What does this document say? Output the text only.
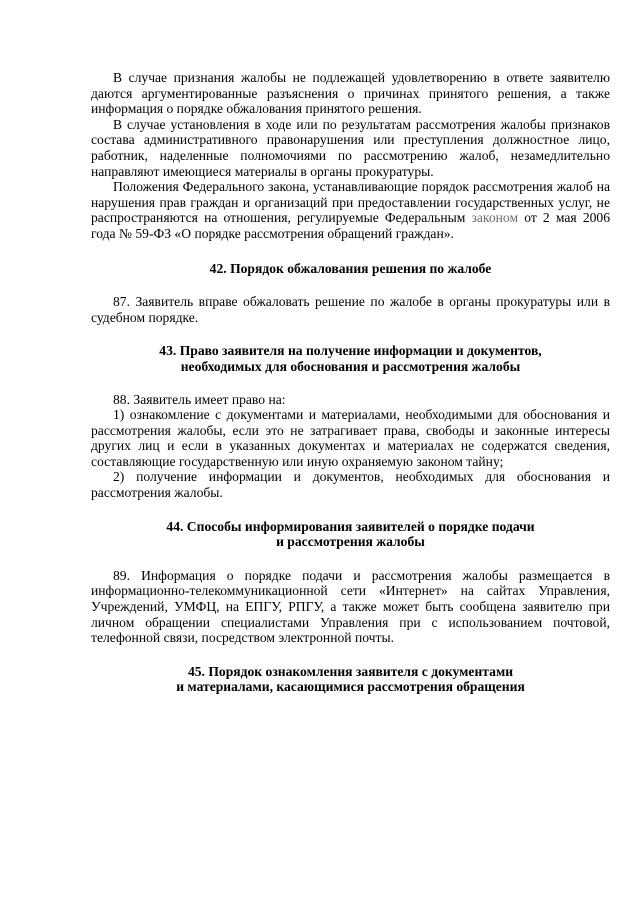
В случае признания жалобы не подлежащей удовлетворению в ответе заявителю даются аргументированные разъяснения о причинах принятого решения, а также информация о порядке обжалования принятого решения.

В случае установления в ходе или по результатам рассмотрения жалобы признаков состава административного правонарушения или преступления должностное лицо, работник, наделенные полномочиями по рассмотрению жалоб, незамедлительно направляют имеющиеся материалы в органы прокуратуры.

Положения Федерального закона, устанавливающие порядок рассмотрения жалоб на нарушения прав граждан и организаций при предоставлении государственных услуг, не распространяются на отношения, регулируемые Федеральным законом от 2 мая 2006 года № 59-ФЗ «О порядке рассмотрения обращений граждан».

42. Порядок обжалования решения по жалобе

87. Заявитель вправе обжаловать решение по жалобе в органы прокуратуры или в судебном порядке.

43. Право заявителя на получение информации и документов,
необходимых для обоснования и рассмотрения жалобы

88. Заявитель имеет право на:

1) ознакомление с документами и материалами, необходимыми для обоснования и рассмотрения жалобы, если это не затрагивает права, свободы и законные интересы других лиц и если в указанных документах и материалах не содержатся сведения, составляющие государственную или иную охраняемую законом тайну;

2) получение информации и документов, необходимых для обоснования и рассмотрения жалобы.

44. Способы информирования заявителей о порядке подачи
и рассмотрения жалобы

89. Информация о порядке подачи и рассмотрения жалобы размещается в информационно-телекоммуникационной сети «Интернет» на сайтах Управления, Учреждений, УМФЦ, на ЕПГУ, РПГУ, а также может быть сообщена заявителю при личном обращении специалистами Управления при с использованием почтовой, телефонной связи, посредством электронной почты.

45. Порядок ознакомления заявителя с документами
и материалами, касающимися рассмотрения обращения
